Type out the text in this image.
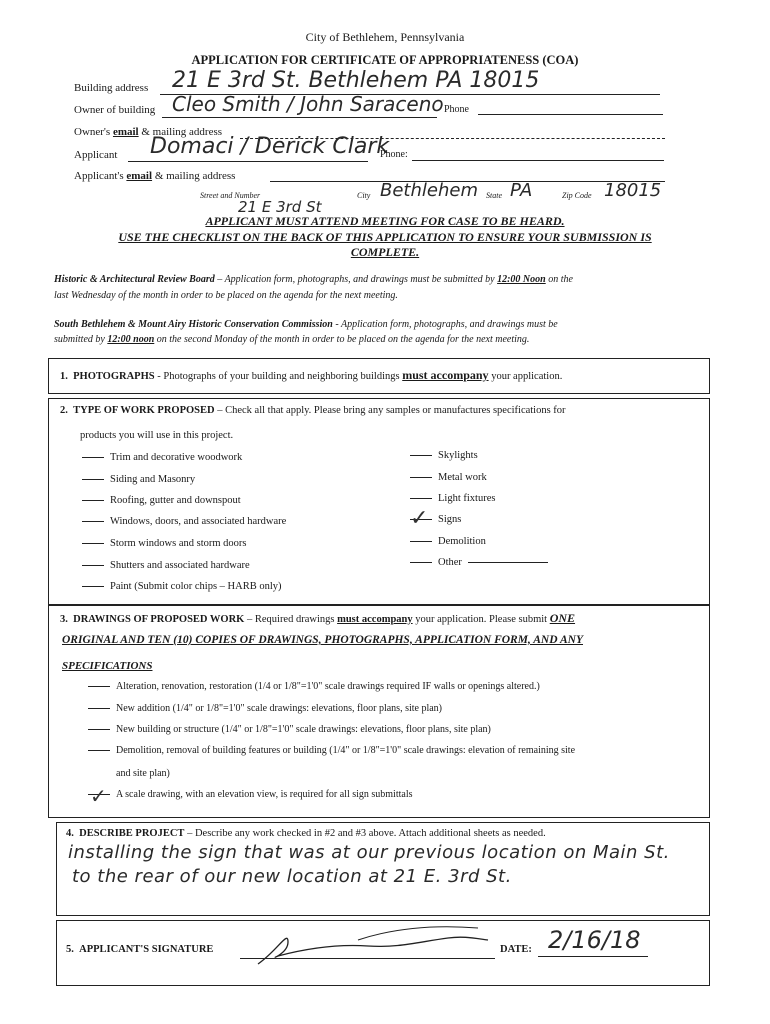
City of Bethlehem, Pennsylvania
APPLICATION FOR CERTIFICATE OF APPROPRIATENESS (COA)
Building address 21 E 3rd St. Bethlehem PA 18015
Owner of building Cleo Smith / John Saraceno Phone
Owner's email & mailing address
Applicant Domaci / Derick Clark
Phone:
Applicant's email & mailing address
Street and Number
21 E 3rd St
City Bethlehem State PA	Zip Code 18015
APPLICANT MUST ATTEND MEETING FOR CASE TO BE HEARD.
USE THE CHECKLIST ON THE BACK OF THIS APPLICATION TO ENSURE YOUR SUBMISSION IS
COMPLETE.
Historic & Architectural Review Board – Application form, photographs, and drawings must be submitted by 12:00 Noon on the
last Wednesday of the month in order to be placed on the agenda for the next meeting.
South Bethlehem & Mount Airy Historic Conservation Commission - Application form, photographs, and drawings must be
submitted by 12:00 noon on the second Monday of the month in order to be placed on the agenda for the next meeting.
1. PHOTOGRAPHS - Photographs of your building and neighboring buildings must accompany your application.
2. TYPE OF WORK PROPOSED – Check all that apply. Please bring any samples or manufactures specifications for
products you will use in this project.
Trim and decorative woodwork
Siding and Masonry
Roofing, gutter and downspout
Windows, doors, and associated hardware
Storm windows and storm doors
Shutters and associated hardware
Paint (Submit color chips – HARB only)
Skylights
Metal work
Light fixtures
Signs
Demolition
Other
✓
3. DRAWINGS OF PROPOSED WORK – Required drawings must accompany your application. Please submit ONE
ORIGINAL AND TEN (10) COPIES OF DRAWINGS, PHOTOGRAPHS, APPLICATION FORM, AND ANY
SPECIFICATIONS
Alteration, renovation, restoration (1/4 or 1/8"=1'0" scale drawings required IF walls or openings altered.)
New addition (1/4" or 1/8"=1'0" scale drawings: elevations, floor plans, site plan)
New building or structure (1/4" or 1/8"=1'0" scale drawings: elevations, floor plans, site plan)
Demolition, removal of building features or building (1/4" or 1/8"=1'0" scale drawings: elevation of remaining site
and site plan)
A scale drawing, with an elevation view, is required for all sign submittals
✓
4. DESCRIBE PROJECT – Describe any work checked in #2 and #3 above. Attach additional sheets as needed.
installing the sign that was at our previous location on Main St.
to the rear of our new location at 21 E. 3rd St.
5. APPLICANT'S SIGNATURE	DATE: 2/16/18
